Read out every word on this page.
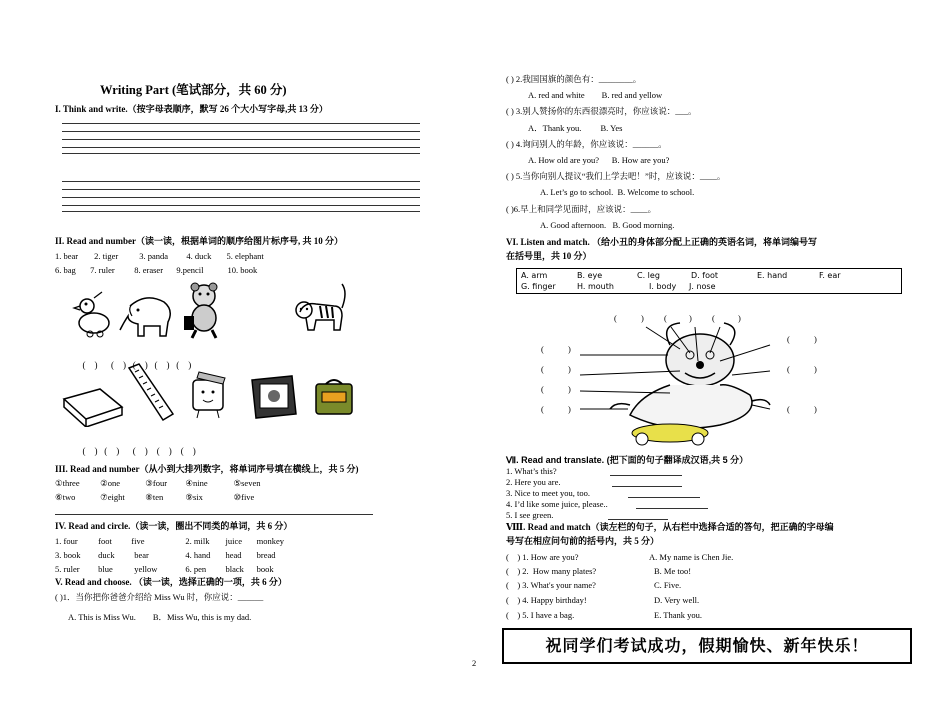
Writing Part (笔试部分，共 60 分)
I. Think and write.（按字母表顺序，默写 26 个大小写字母,共 13 分）
II. Read and number（读一读，根据单词的顺序给图片标序号, 共 10 分）
1. bear 2. tiger 3. panda 4. duck 5. elephant
6. bag 7. ruler 8. eraser 9.pencil	10. book

(    ) (    ) (    ) (    ) (    )

(    ) (    ) (    ) (    ) (    )

III. Read and number（从小到大排列数字，将单词序号填在横线上，共 5 分)
①three ②one	③four ④nine	⑤seven
⑥two	⑦eight ⑧ten	⑨six	⑩five
IV. Read and circle.（读一读，圈出不同类的单词，共 6 分）
1. four foot five	2. milk juice monkey
3. book duck bear	4. hand head bread
5. ruler blue	yellow	6. pen black book
V. Read and choose. （读一读，选择正确的一项，共 6 分）
( )1．当你把你爸爸介绍给 Miss Wu 时，你应说：______
A. This is Miss Wu.        B．Miss Wu, this is my dad.
2
( ) 2.我国国旗的颜色有：________。
A. red and white        B. red and yellow
( ) 3.别人赞扬你的东西很漂亮时，你应该说：___。
A．Thank you.         B. Yes
( ) 4.询问别人的年龄，你应该说：______。
A. How old are you?      B. How are you?
( ) 5.当你向别人提议“我们上学去吧！”时，应该说：____。
A. Let’s go to school.  B. Welcome to school.
( )6.早上和同学见面时，应该说：____。
A. Good afternoon.   B. Good morning.
VI. Listen and match. （给小丑的身体部分配上正确的英语名词，将单词编号写
在括号里，共 10 分）
A. arm	B. eye	C. leg	D. foot	E. hand	F. ear
G. finger	H. mouth	I. body J. nose
(	) (	) (	)
(	)
(	)
(	)	(	)
(	)
(	)	(	)
Ⅶ. Read and translate. (把下面的句子翻译成汉语,共 5 分）
1. What’s this?
2. Here you are.
3. Nice to meet you, too.
4. I’d like some juice, please..
5. I see green.
Ⅷ. Read and match（读左栏的句子，从右栏中选择合适的答句，把正确的字母编
号写在相应问句前的括号内，共 5 分）
(    ) 1. How are you?	A. My name is Chen Jie.
(    ) 2.  How many plates?	B. Me too!
(    ) 3. What's your name?	C. Five.
(    ) 4. Happy birthday!	D. Very well.
(    ) 5. I have a bag.	E. Thank you.
祝同学们考试成功，假期愉快、新年快乐！
